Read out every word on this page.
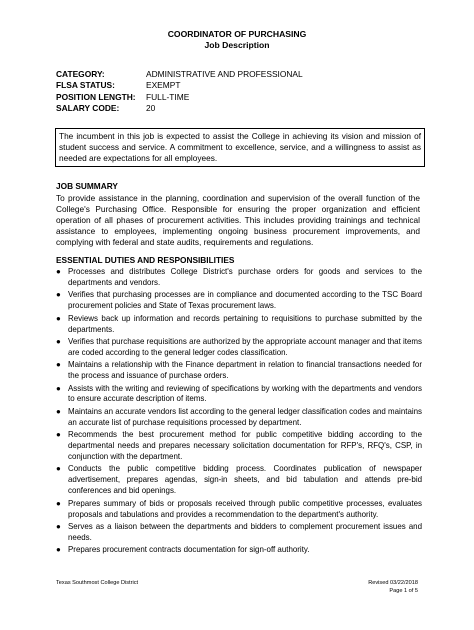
COORDINATOR OF PURCHASING
Job Description
CATEGORY:	ADMINISTRATIVE AND PROFESSIONAL
FLSA STATUS:	EXEMPT
POSITION LENGTH:	FULL-TIME
SALARY CODE:	20
The incumbent in this job is expected to assist the College in achieving its vision and mission of student success and service. A commitment to excellence, service, and a willingness to assist as needed are expectations for all employees.
JOB SUMMARY
To provide assistance in the planning, coordination and supervision of the overall function of the College's Purchasing Office. Responsible for ensuring the proper organization and efficient operation of all phases of procurement activities. This includes providing trainings and technical assistance to employees, implementing ongoing business procurement improvements, and complying with federal and state audits, requirements and regulations.
ESSENTIAL DUTIES AND RESPONSIBILITIES
● Processes and distributes College District's purchase orders for goods and services to the departments and vendors.
● Verifies that purchasing processes are in compliance and documented according to the TSC Board procurement policies and State of Texas procurement laws.
● Reviews back up information and records pertaining to requisitions to purchase submitted by the departments.
● Verifies that purchase requisitions are authorized by the appropriate account manager and that items are coded according to the general ledger codes classification.
● Maintains a relationship with the Finance department in relation to financial transactions needed for the process and issuance of purchase orders.
● Assists with the writing and reviewing of specifications by working with the departments and vendors to ensure accurate description of items.
● Maintains an accurate vendors list according to the general ledger classification codes and maintains an accurate list of purchase requisitions processed by department.
● Recommends the best procurement method for public competitive bidding according to the departmental needs and prepares necessary solicitation documentation for RFP's, RFQ's, CSP, in conjunction with the department.
● Conducts the public competitive bidding process. Coordinates publication of newspaper advertisement, prepares agendas, sign-in sheets, and bid tabulation and attends pre-bid conferences and bid openings.
● Prepares summary of bids or proposals received through public competitive processes, evaluates proposals and tabulations and provides a recommendation to the department's authority.
● Serves as a liaison between the departments and bidders to complement procurement issues and needs.
● Prepares procurement contracts documentation for sign-off authority.
Texas Southmost College District	Revised 03/22/2018
Page 1 of 5
